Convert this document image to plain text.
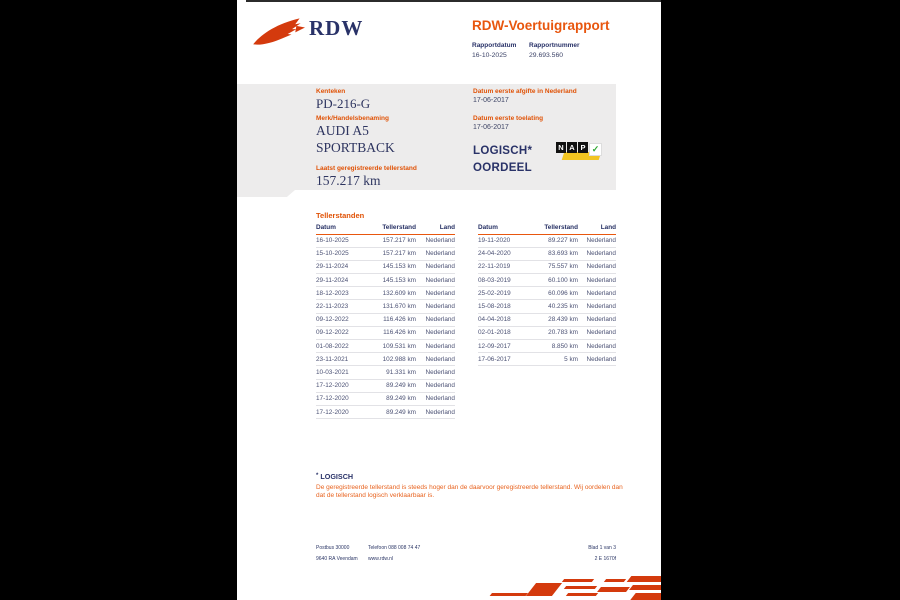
RDW	RDW-Voertuigrapport
Rapportdatum Rapportnummer
16-10-2025	29.693.560
Kenteken
PD-216-G
Merk/Handelsbenaming
AUDI A5
SPORTBACK
Laatst geregistreerde tellerstand
157.217 km
Datum eerste afgifte in Nederland
17-06-2017
Datum eerste toelating
17-06-2017
LOGISCH*
OORDEEL
N A P ✓
Tellerstanden
Datum	Tellerstand	Land
16-10-2025	157.217 km	Nederland
15-10-2025	157.217 km	Nederland
29-11-2024	145.153 km	Nederland
29-11-2024	145.153 km	Nederland
18-12-2023	132.609 km	Nederland
22-11-2023	131.670 km	Nederland
09-12-2022	116.426 km	Nederland
09-12-2022	116.426 km	Nederland
01-08-2022	109.531 km	Nederland
23-11-2021	102.988 km	Nederland
10-03-2021	91.331 km	Nederland
17-12-2020	89.249 km	Nederland
17-12-2020	89.249 km	Nederland
17-12-2020	89.249 km	Nederland
Datum	Tellerstand	Land
19-11-2020	89.227 km	Nederland
24-04-2020	83.693 km	Nederland
22-11-2019	75.557 km	Nederland
08-03-2019	60.100 km	Nederland
25-02-2019	60.096 km	Nederland
15-08-2018	40.235 km	Nederland
04-04-2018	28.439 km	Nederland
02-01-2018	20.783 km	Nederland
12-09-2017	8.850 km	Nederland
17-06-2017	5 km	Nederland
* LOGISCH
De geregistreerde tellerstand is steeds hoger dan de daarvoor geregistreerde tellerstand. Wij oordelen dan dat de tellerstand logisch verklaarbaar is.
Postbus 30000
9640 RA Veendam
Telefoon 088 008 74 47
www.rdw.nl
Blad 1 van 3
2 E 1670f
